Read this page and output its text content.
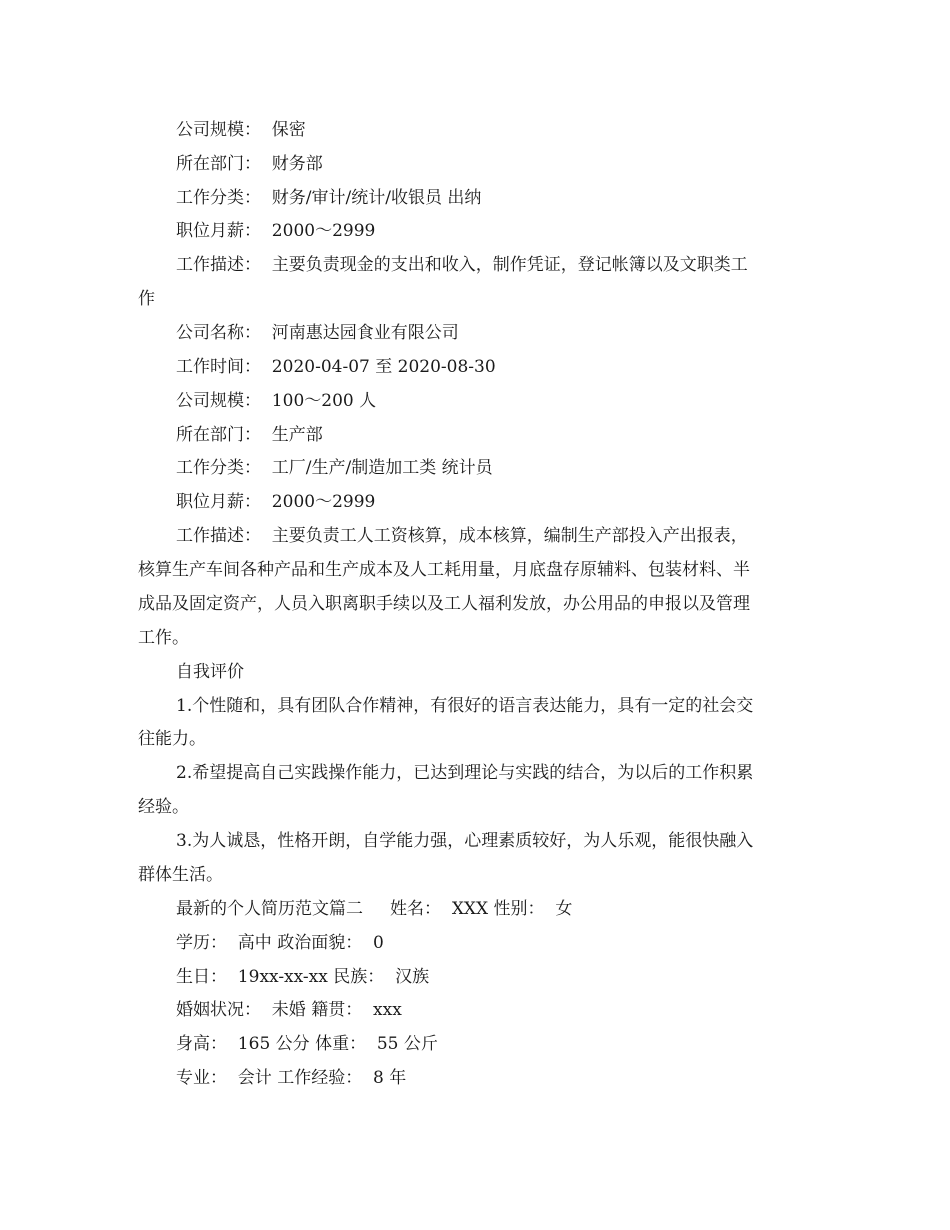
公司规模：  保密
所在部门：  财务部
工作分类：  财务/审计/统计/收银员 出纳
职位月薪：  2000～2999
工作描述：  主要负责现金的支出和收入，制作凭证，登记帐簿以及文职类工
作
公司名称：  河南惠达园食业有限公司
工作时间：  2020-04-07 至 2020-08-30
公司规模：  100～200 人
所在部门：  生产部
工作分类：  工厂/生产/制造加工类 统计员
职位月薪：  2000～2999
工作描述：  主要负责工人工资核算，成本核算，编制生产部投入产出报表，
核算生产车间各种产品和生产成本及人工耗用量，月底盘存原辅料、包装材料、半
成品及固定资产，人员入职离职手续以及工人福利发放，办公用品的申报以及管理
工作。
自我评价
1.个性随和，具有团队合作精神，有很好的语言表达能力，具有一定的社会交
往能力。
2.希望提高自己实践操作能力，已达到理论与实践的结合，为以后的工作积累
经验。
3.为人诚恳，性格开朗，自学能力强，心理素质较好，为人乐观，能很快融入
群体生活。
最新的个人简历范文篇二     姓名：  XXX 性别：  女
学历：  高中 政治面貌：  0
生日：  19xx-xx-xx 民族：  汉族
婚姻状况：  未婚 籍贯：  xxx
身高：  165 公分 体重：  55 公斤
专业：  会计 工作经验：  8 年
